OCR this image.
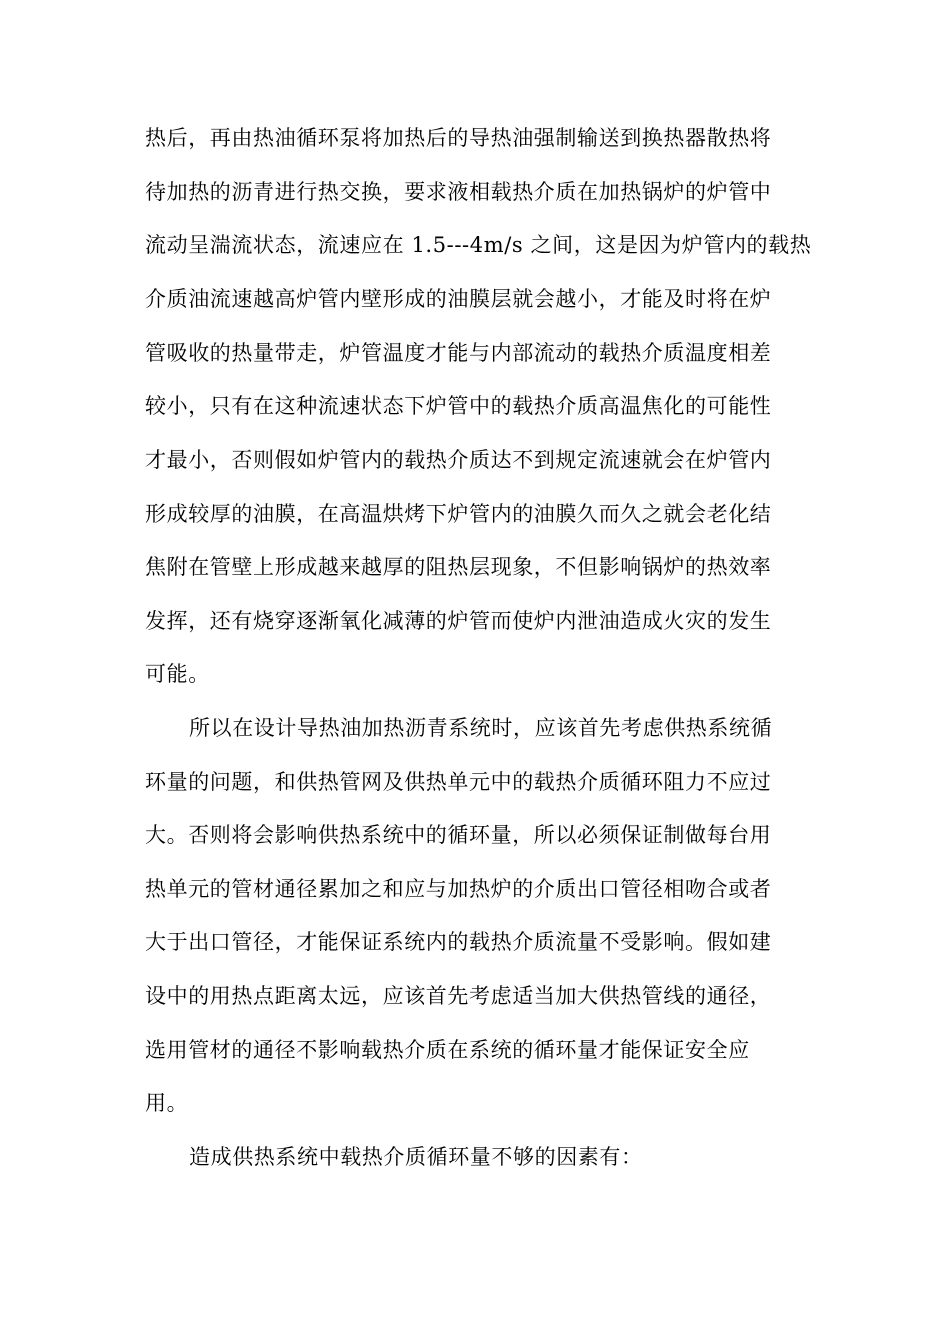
热后，再由热油循环泵将加热后的导热油强制输送到换热器散热将
待加热的沥青进行热交换，要求液相载热介质在加热锅炉的炉管中
流动呈湍流状态，流速应在 1.5---4m/s 之间，这是因为炉管内的载热
介质油流速越高炉管内壁形成的油膜层就会越小，才能及时将在炉
管吸收的热量带走，炉管温度才能与内部流动的载热介质温度相差
较小，只有在这种流速状态下炉管中的载热介质高温焦化的可能性
才最小，否则假如炉管内的载热介质达不到规定流速就会在炉管内
形成较厚的油膜，在高温烘烤下炉管内的油膜久而久之就会老化结
焦附在管壁上形成越来越厚的阻热层现象，不但影响锅炉的热效率
发挥，还有烧穿逐渐氧化减薄的炉管而使炉内泄油造成火灾的发生
可能。
所以在设计导热油加热沥青系统时，应该首先考虑供热系统循
环量的问题，和供热管网及供热单元中的载热介质循环阻力不应过
大。否则将会影响供热系统中的循环量，所以必须保证制做每台用
热单元的管材通径累加之和应与加热炉的介质出口管径相吻合或者
大于出口管径，才能保证系统内的载热介质流量不受影响。假如建
设中的用热点距离太远，应该首先考虑适当加大供热管线的通径，
选用管材的通径不影响载热介质在系统的循环量才能保证安全应
用。
造成供热系统中载热介质循环量不够的因素有：
